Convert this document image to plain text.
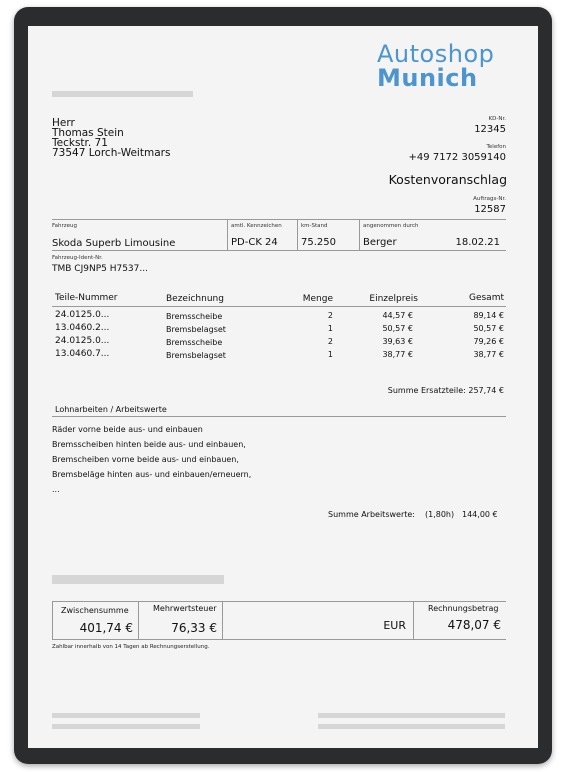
Autoshop
Munich
Herr
Thomas Stein
Teckstr. 71
73547 Lorch-Weitmars
KD-Nr.
12345
Telefon
+49 7172 3059140
Kostenvoranschlag
Auftrags-Nr.
12587
Fahrzeug
Skoda Superb Limousine
amtl. Kennzeichen
PD-CK 24
km-Stand
75.250
angenommen durch
Berger	18.02.21
Fahrzeug-Ident-Nr.
TMB CJ9NP5 H7537...
Teile-Nummer	Bezeichnung	Menge	Einzelpreis	Gesamt
24.0125.0...	Bremsscheibe	2	44,57 €	89,14 €
13.0460.2...	Bremsbelagset	1	50,57 €	50,57 €
24.0125.0...	Bremsscheibe	2	39,63 €	79,26 €
13.0460.7...	Bremsbelagset	1	38,77 €	38,77 €
Summe Ersatzteile: 257,74 €
Lohnarbeiten / Arbeitswerte
Räder vorne beide aus- und einbauen
Bremsscheiben hinten beide aus- und einbauen,
Bremscheiben vorne beide aus- und einbauen,
Bremsbeläge hinten aus- und einbauen/erneuern,
...
Summe Arbeitswerte: (1,80h) 144,00 €
Zwischensumme
401,74 €
Mehrwertsteuer
76,33 €	EUR
Rechnungsbetrag
478,07 €
Zahlbar innerhalb von 14 Tagen ab Rechnungserstellung.
